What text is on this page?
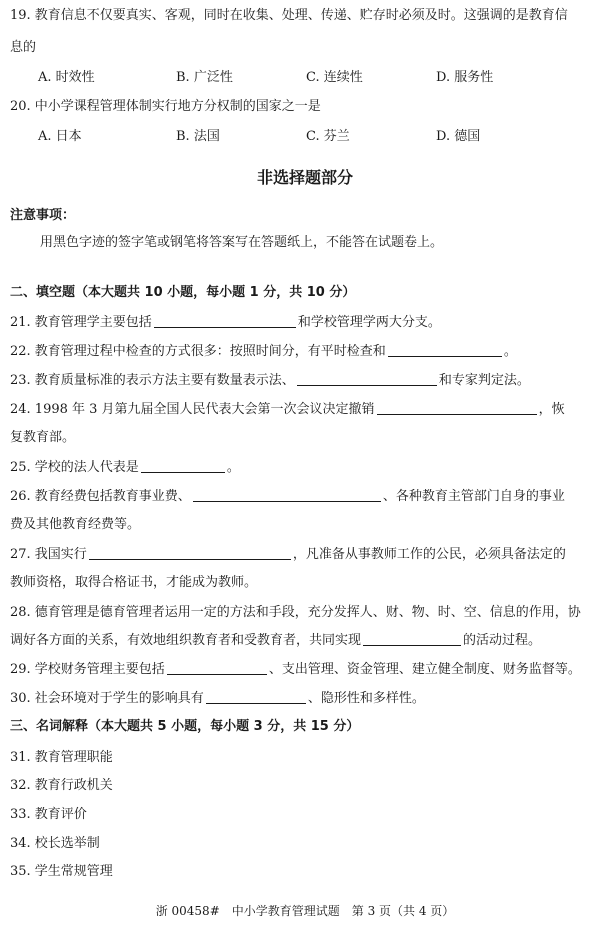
19. 教育信息不仅要真实、客观，同时在收集、处理、传递、贮存时必须及时。这强调的是教育信
息的
A. 时效性	B. 广泛性	C. 连续性	D. 服务性
20. 中小学课程管理体制实行地方分权制的国家之一是
A. 日本	B. 法国	C. 芬兰	D. 德国
非选择题部分
注意事项：
用黑色字迹的签字笔或钢笔将答案写在答题纸上，不能答在试题卷上。
二、填空题（本大题共 10 小题，每小题 1 分，共 10 分）
21. 教育管理学主要包括	和学校管理学两大分支。
22. 教育管理过程中检查的方式很多：按照时间分，有平时检查和	。
23. 教育质量标准的表示方法主要有数量表示法、	和专家判定法。
24. 1998 年 3 月第九届全国人民代表大会第一次会议决定撤销	，恢
复教育部。
25. 学校的法人代表是	。
26. 教育经费包括教育事业费、	、各种教育主管部门自身的事业
费及其他教育经费等。
27. 我国实行	，凡准备从事教师工作的公民，必须具备法定的
教师资格，取得合格证书，才能成为教师。
28. 德育管理是德育管理者运用一定的方法和手段，充分发挥人、财、物、时、空、信息的作用，协
调好各方面的关系，有效地组织教育者和受教育者，共同实现	的活动过程。
29. 学校财务管理主要包括	、支出管理、资金管理、建立健全制度、财务监督等。
30. 社会环境对于学生的影响具有	、隐形性和多样性。
三、名词解释（本大题共 5 小题，每小题 3 分，共 15 分）
31. 教育管理职能
32. 教育行政机关
33. 教育评价
34. 校长选举制
35. 学生常规管理
浙 00458# 中小学教育管理试题 第 3 页（共 4 页）
